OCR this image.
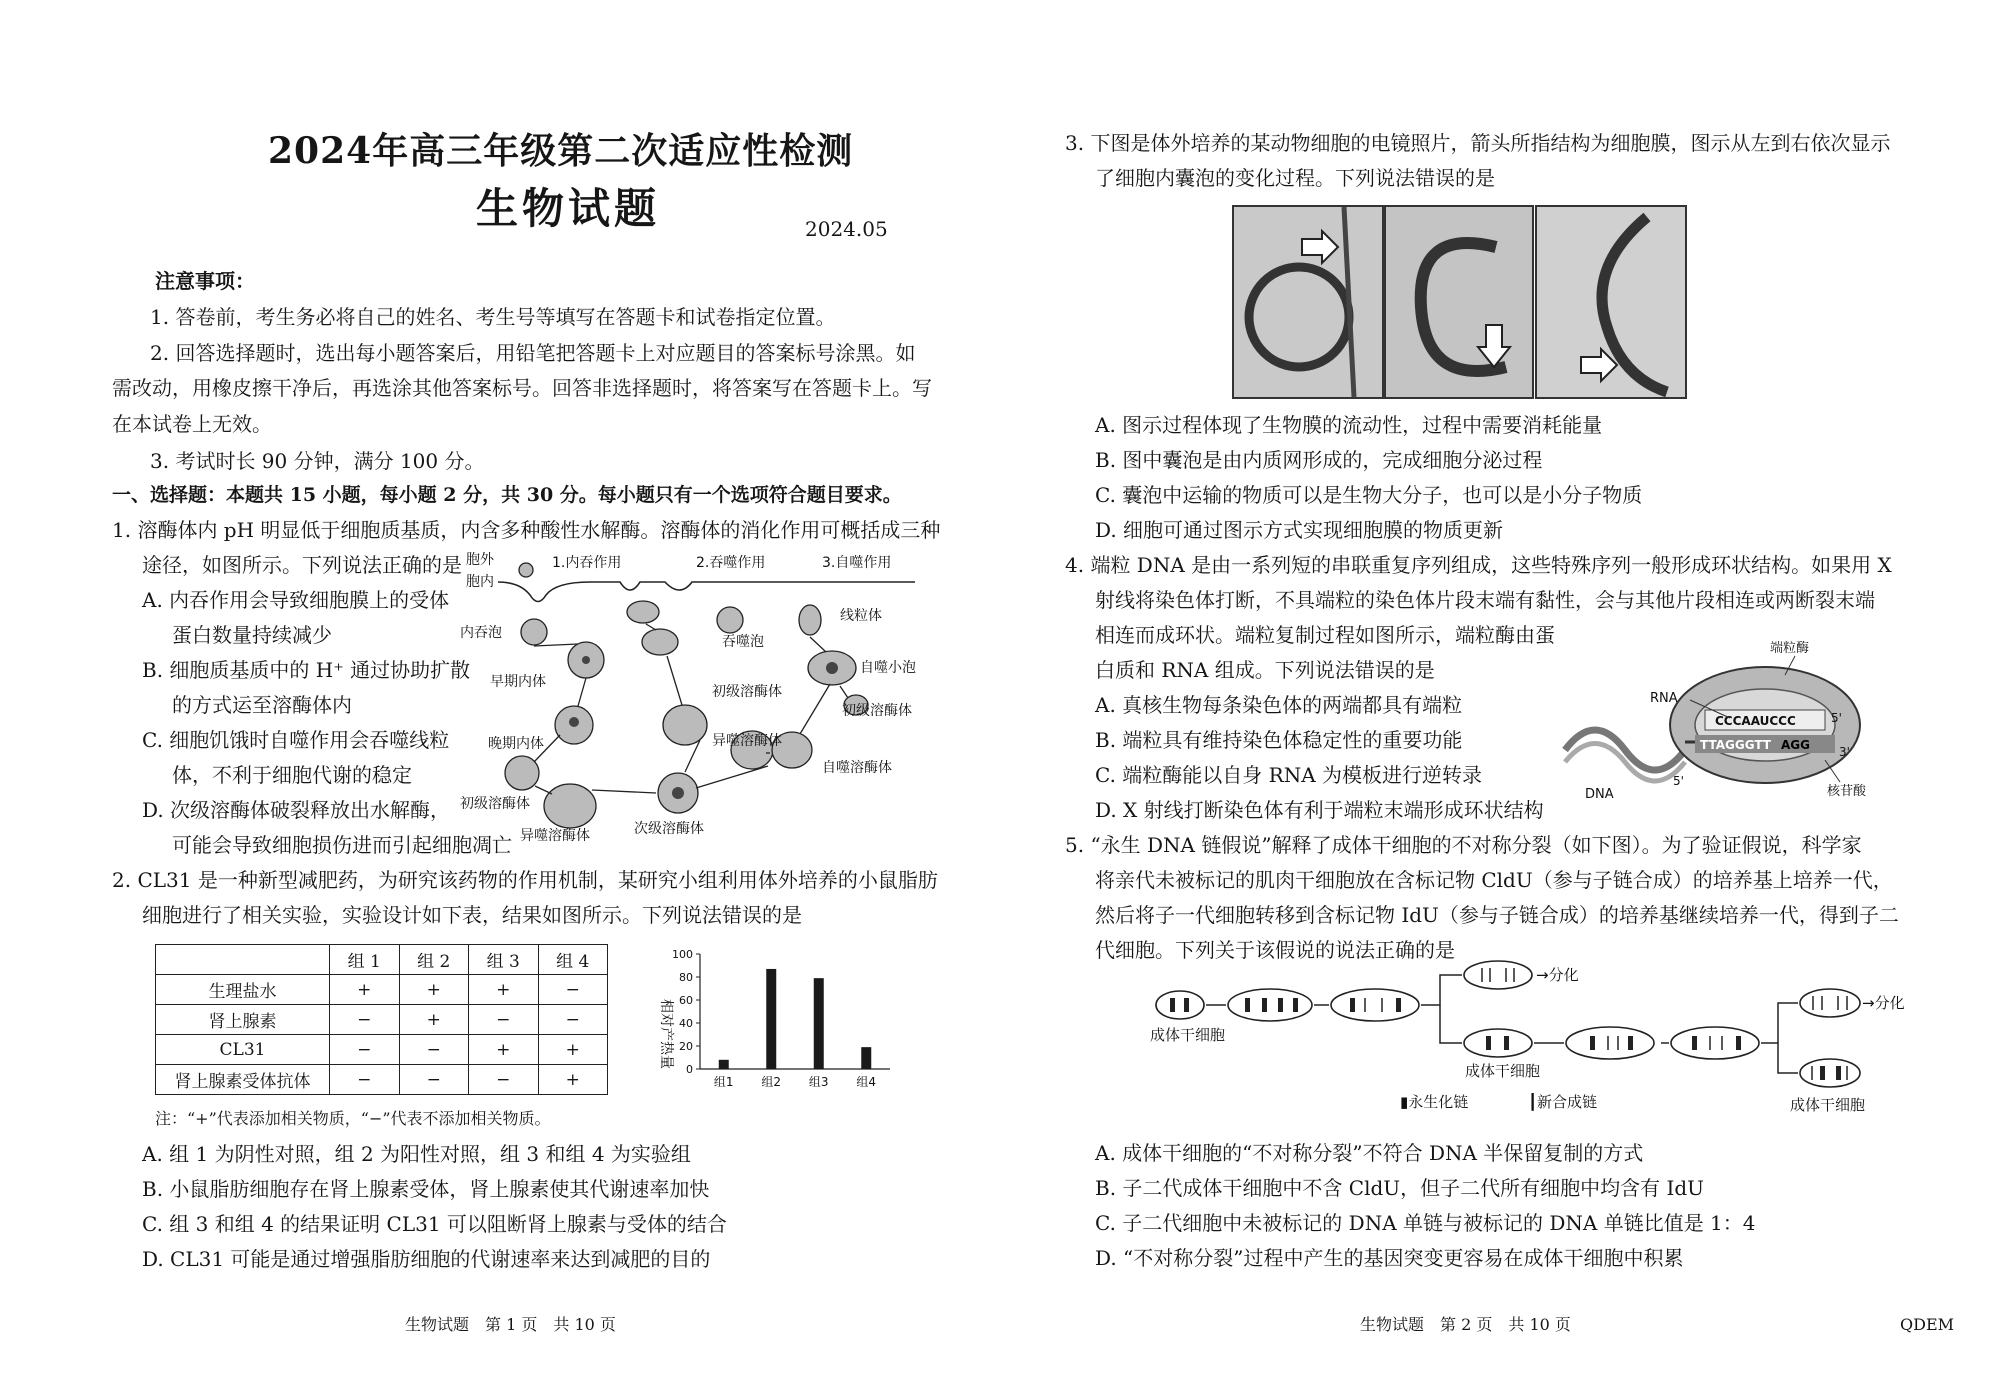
2024年高三年级第二次适应性检测
生物试题	2024.05
注意事项：
1. 答卷前，考生务必将自己的姓名、考生号等填写在答题卡和试卷指定位置。
2. 回答选择题时，选出每小题答案后，用铅笔把答题卡上对应题目的答案标号涂黑。如
需改动，用橡皮擦干净后，再选涂其他答案标号。回答非选择题时，将答案写在答题卡上。写
在本试卷上无效。
3. 考试时长 90 分钟，满分 100 分。
一、选择题：本题共 15 小题，每小题 2 分，共 30 分。每小题只有一个选项符合题目要求。
1. 溶酶体内 pH 明显低于细胞质基质，内含多种酸性水解酶。溶酶体的消化作用可概括成三种
途径，如图所示。下列说法正确的是
A. 内吞作用会导致细胞膜上的受体
蛋白数量持续减少
B. 细胞质基质中的 H⁺ 通过协助扩散
的方式运至溶酶体内
C. 细胞饥饿时自噬作用会吞噬线粒
体，不利于细胞代谢的稳定
D. 次级溶酶体破裂释放出水解酶，
可能会导致细胞损伤进而引起细胞凋亡
胞外
胞内
1.内吞作用	2.吞噬作用	3.自噬作用
内吞泡
早期内体
晚期内体
初级溶酶体
异噬溶酶体
吞噬泡
初级溶酶体
异噬溶酶体
次级溶酶体
线粒体
自噬小泡
初级溶酶体
自噬溶酶体
2. CL31 是一种新型减肥药，为研究该药物的作用机制，某研究小组利用体外培养的小鼠脂肪
细胞进行了相关实验，实验设计如下表，结果如图所示。下列说法错误的是
	组 1	组 2	组 3	组 4
生理盐水	+	+	+	−
肾上腺素	−	+	−	−
CL31	−	−	+	+
肾上腺素受体抗体	−	−	−	+
相对产热量
0
20
40
60
80
100
组1 组2 组3 组4
注：“+”代表添加相关物质，“−”代表不添加相关物质。
A. 组 1 为阴性对照，组 2 为阳性对照，组 3 和组 4 为实验组
B. 小鼠脂肪细胞存在肾上腺素受体，肾上腺素使其代谢速率加快
C. 组 3 和组 4 的结果证明 CL31 可以阻断肾上腺素与受体的结合
D. CL31 可能是通过增强脂肪细胞的代谢速率来达到减肥的目的
生物试题　第 1 页　共 10 页
3. 下图是体外培养的某动物细胞的电镜照片，箭头所指结构为细胞膜，图示从左到右依次显示
了细胞内囊泡的变化过程。下列说法错误的是
A. 图示过程体现了生物膜的流动性，过程中需要消耗能量
B. 图中囊泡是由内质网形成的，完成细胞分泌过程
C. 囊泡中运输的物质可以是生物大分子，也可以是小分子物质
D. 细胞可通过图示方式实现细胞膜的物质更新
4. 端粒 DNA 是由一系列短的串联重复序列组成，这些特殊序列一般形成环状结构。如果用 X
射线将染色体打断，不具端粒的染色体片段末端有黏性，会与其他片段相连或两断裂末端
相连而成环状。端粒复制过程如图所示，端粒酶由蛋
白质和 RNA 组成。下列说法错误的是
A. 真核生物每条染色体的两端都具有端粒
B. 端粒具有维持染色体稳定性的重要功能
C. 端粒酶能以自身 RNA 为模板进行逆转录
D. X 射线打断染色体有利于端粒末端形成环状结构
CCCAAUCCC
TTAGGGTT AGG
端粒酶
RNA
DNA	核苷酸
5'
3'
5'
5. “永生 DNA 链假说”解释了成体干细胞的不对称分裂（如下图）。为了验证假说，科学家
将亲代未被标记的肌肉干细胞放在含标记物 CldU（参与子链合成）的培养基上培养一代，
然后将子一代细胞转移到含标记物 IdU（参与子链合成）的培养基继续培养一代，得到子二
代细胞。下列关于该假说的说法正确的是
→分化
→分化
成体干细胞
成体干细胞
成体干细胞
▮永生化链	┃新合成链
A. 成体干细胞的“不对称分裂”不符合 DNA 半保留复制的方式
B. 子二代成体干细胞中不含 CldU，但子二代所有细胞中均含有 IdU
C. 子二代细胞中未被标记的 DNA 单链与被标记的 DNA 单链比值是 1：4
D. “不对称分裂”过程中产生的基因突变更容易在成体干细胞中积累
生物试题　第 2 页　共 10 页	QDEM
